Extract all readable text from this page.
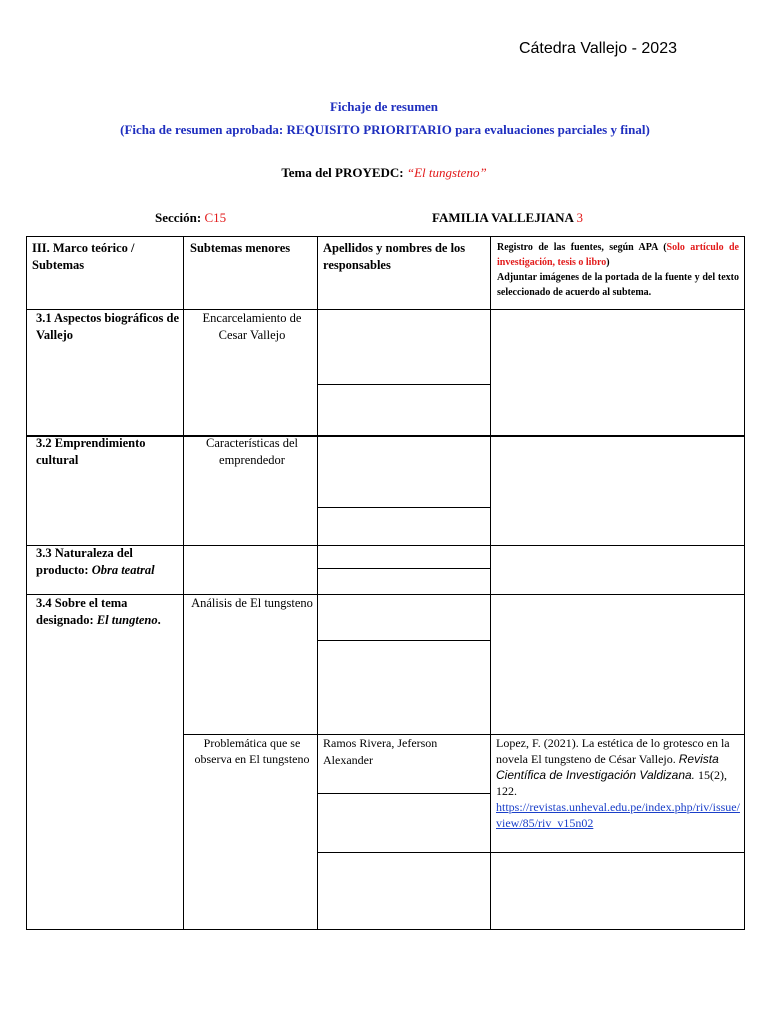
Cátedra Vallejo - 2023
Fichaje de resumen
(Ficha de resumen aprobada: REQUISITO PRIORITARIO para evaluaciones parciales y final)
Tema del PROYEDC: “El tungsteno”
Sección: C15	FAMILIA VALLEJIANA 3
III. Marco teórico / Subtemas
Subtemas menores	Apellidos y nombres de los responsables
Registro de las fuentes, según APA (Solo artículo de investigación, tesis o libro)
Adjuntar imágenes de la portada de la fuente y del texto seleccionado de acuerdo al subtema.
3.1 Aspectos biográficos de Vallejo
Encarcelamiento de Cesar Vallejo
3.2 Emprendimiento cultural
Características del emprendedor
3.3 Naturaleza del producto: Obra teatral
3.4 Sobre el tema designado: El tungteno.
Análisis de El tungsteno
Problemática que se observa en El tungsteno
Ramos Rivera, Jeferson Alexander
Lopez, F. (2021). La estética de lo grotesco en la novela El tungsteno de César Vallejo. Revista Científica de Investigación Valdizana. 15(2), 122.
https://revistas.unheval.edu.pe/index.php/riv/issue/view/85/riv_v15n02
